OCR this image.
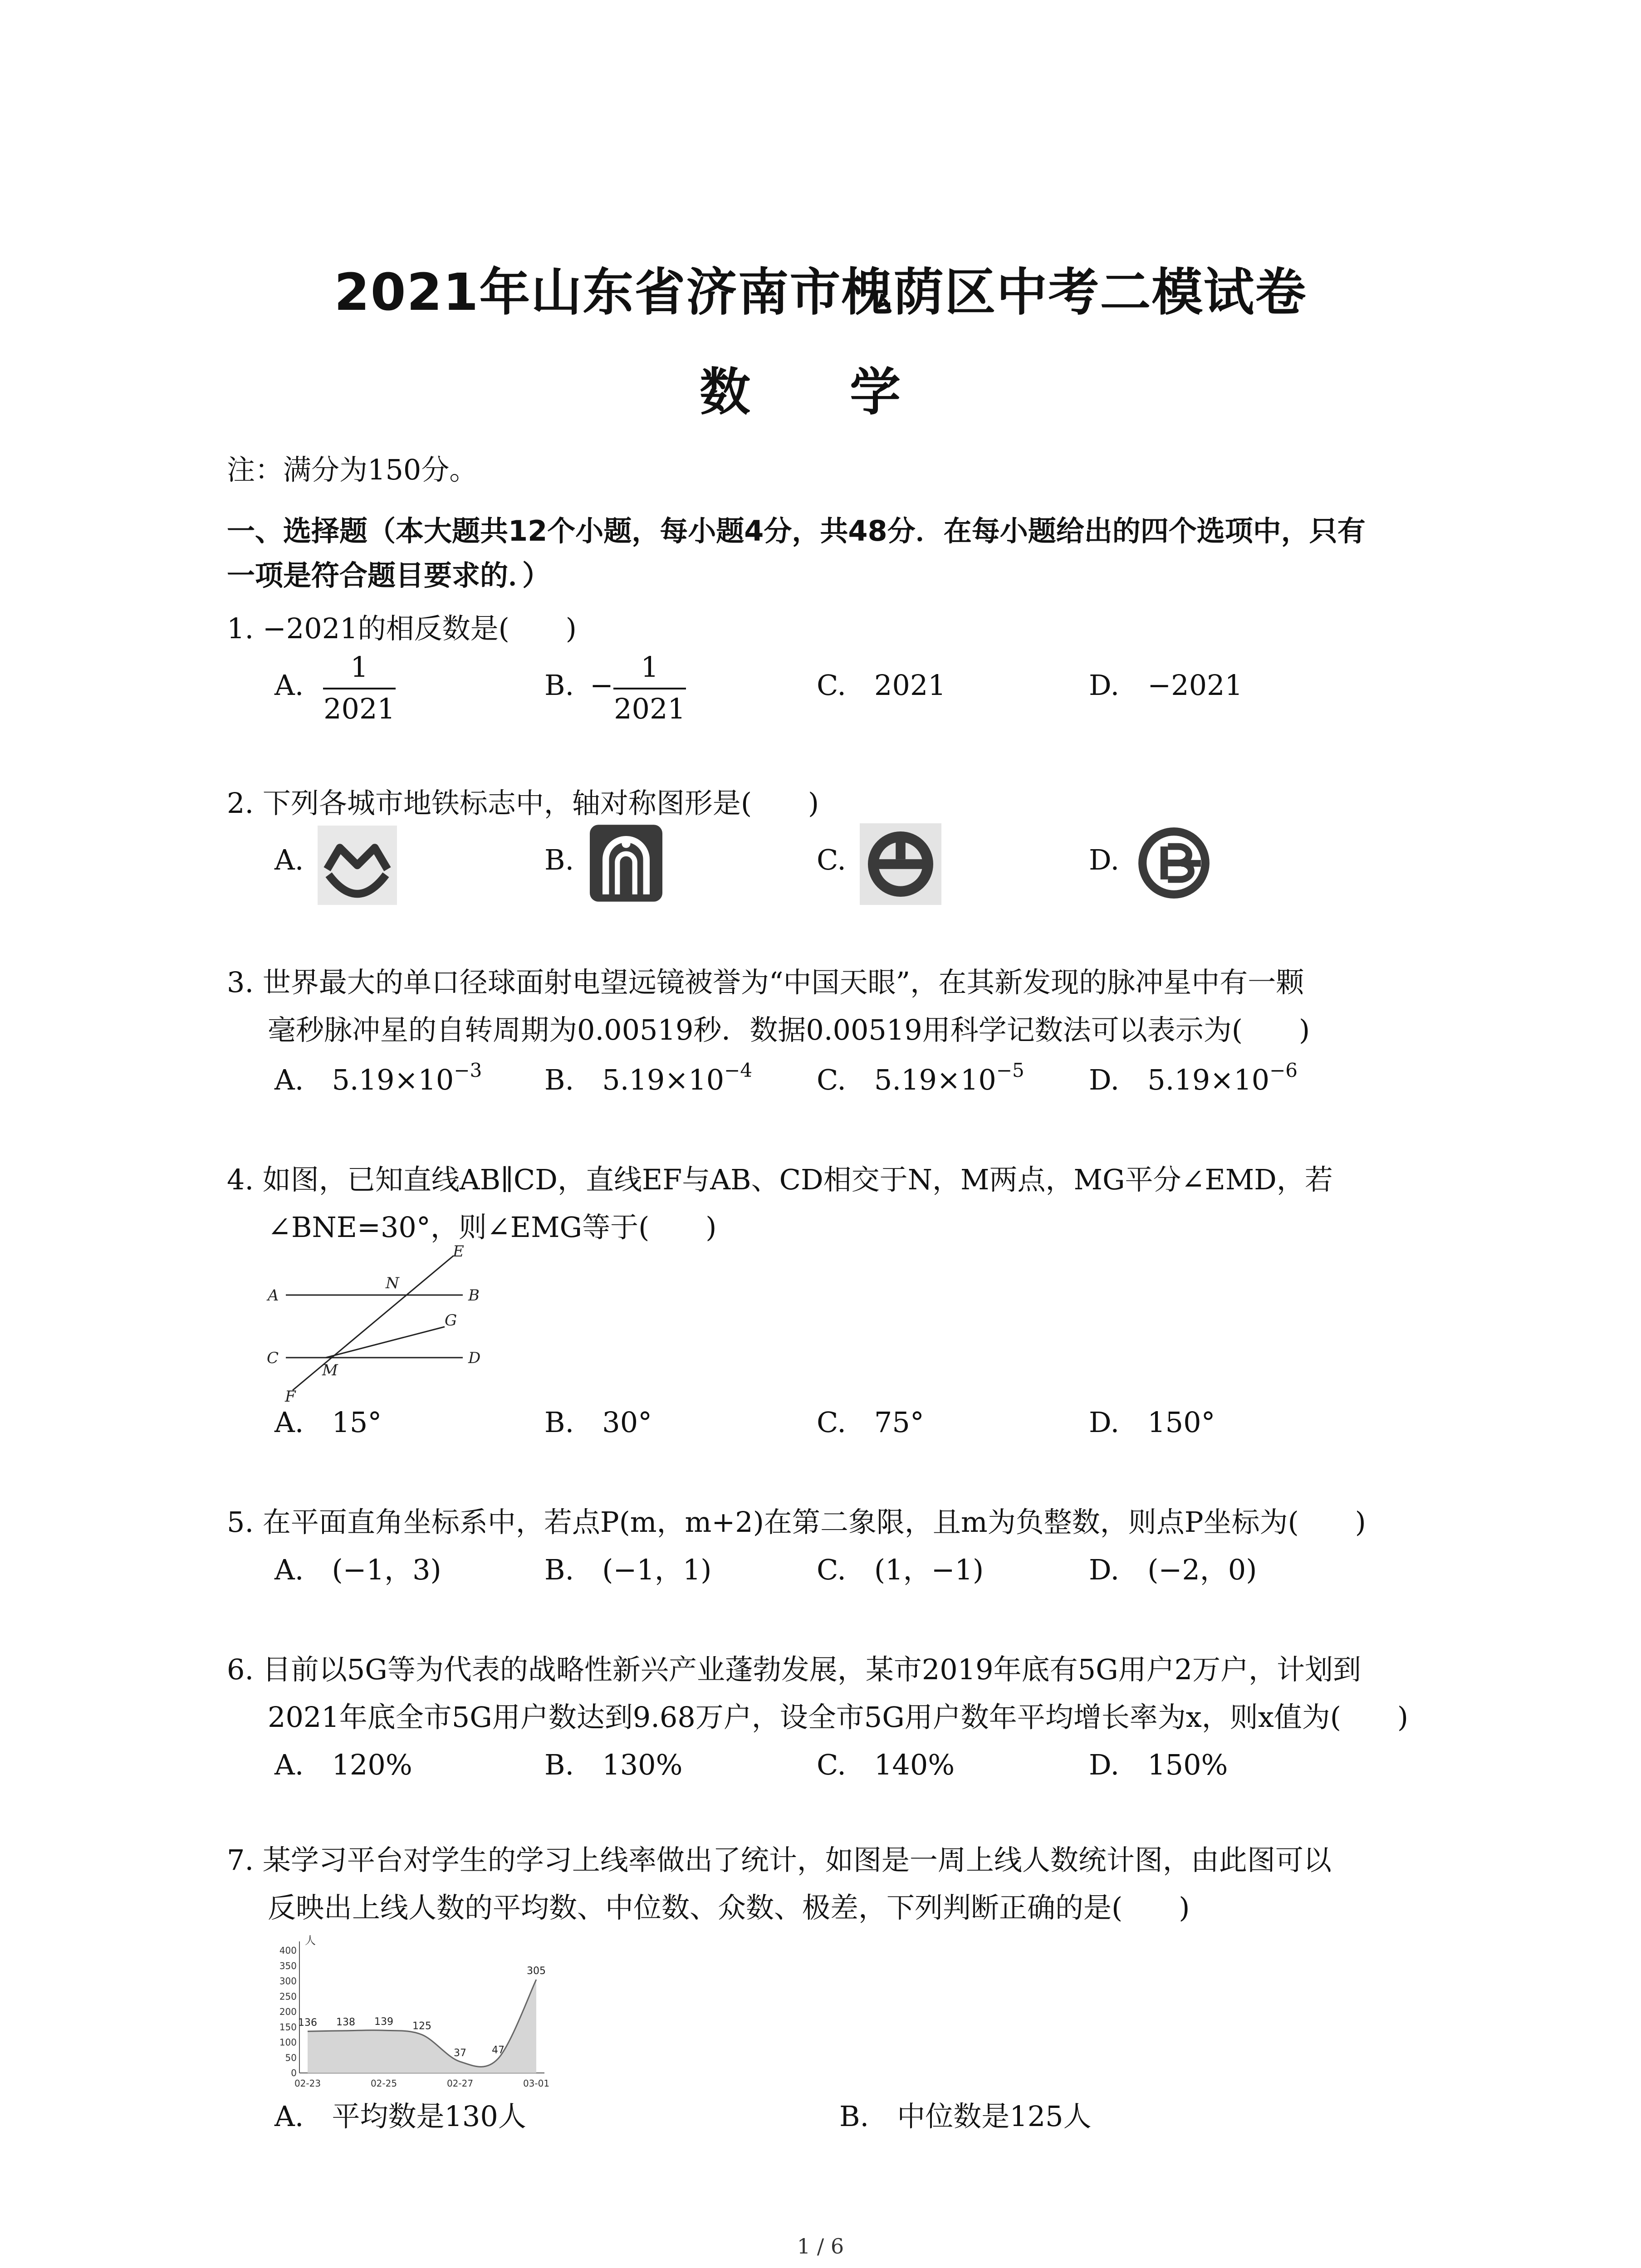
2021年山东省济南市槐荫区中考二模试卷
数 学
注：满分为150分。
一、选择题（本大题共12个小题，每小题4分，共48分．在每小题给出的四个选项中，只有
一项是符合题目要求的．）
1. −2021的相反数是(　　)
A.
1
2021
B. −
1
2021
C.　2021	D.　−2021
2. 下列各城市地铁标志中，轴对称图形是(　　)
A.	B.	C.	D.
3. 世界最大的单口径球面射电望远镜被誉为“中国天眼”，在其新发现的脉冲星中有一颗
毫秒脉冲星的自转周期为0.00519秒．数据0.00519用科学记数法可以表示为(　　)
A.　$5.19\times 10^{-3}$ B.　$5.19\times 10^{-4}$ C.　$5.19\times 10^{-5}$ D.　$5.19\times 10^{-6}$
4. 如图，已知直线AB∥CD，直线EF与AB、CD相交于N，M两点，MG平分∠EMD，若
∠BNE=30°，则∠EMG等于(　　)
A	B
C	D
E
F
G
M
N
A.　15°	B.　30°	C.　75°	D.　150°
5. 在平面直角坐标系中，若点P(m，m+2)在第二象限，且m为负整数，则点P坐标为(　　)
A.　(−1，3)	B.　(−1，1)	C.　(1，−1)	D.　(−2，0)
6. 目前以5G等为代表的战略性新兴产业蓬勃发展，某市2019年底有5G用户2万户，计划到
2021年底全市5G用户数达到9.68万户，设全市5G用户数年平均增长率为x，则x值为(　　)
A.　120%	B.　130%	C.　140%	D.　150%
7. 某学习平台对学生的学习上线率做出了统计，如图是一周上线人数统计图，由此图可以
反映出上线人数的平均数、中位数、众数、极差，下列判断正确的是(　　)
人
0
50
100
150
200
250
300
350
400
136 138 139 125
37	47
305
02-23	02-25	02-27	03-01
A.　平均数是130人	B.　中位数是125人
1 / 6
